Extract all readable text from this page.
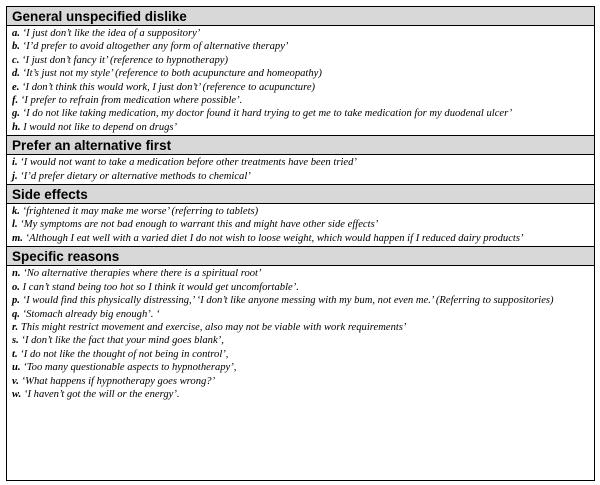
General unspecified dislike
a. ‘I just don’t like the idea of a suppository’
b. ‘I’d prefer to avoid altogether any form of alternative therapy’
c. ‘I just don’t fancy it’ (reference to hypnotherapy)
d. ‘It’s just not my style’ (reference to both acupuncture and homeopathy)
e. ‘I don’t think this would work, I just don’t’ (reference to acupuncture)
f. ‘I prefer to refrain from medication where possible’.
g. ‘I do not like taking medication, my doctor found it hard trying to get me to take medication for my duodenal ulcer’
h. I would not like to depend on drugs’
Prefer an alternative first
i. ‘I would not want to take a medication before other treatments have been tried’
j. ‘I’d prefer dietary or alternative methods to chemical’
Side effects
k. ‘frightened it may make me worse’ (referring to tablets)
l. ‘My symptoms are not bad enough to warrant this and might have other side effects’
m. ‘Although I eat well with a varied diet I do not wish to loose weight, which would happen if I reduced dairy products’
Specific reasons
n. ‘No alternative therapies where there is a spiritual root’
o. I can’t stand being too hot so I think it would get uncomfortable’.
p. ‘I would find this physically distressing,’ ‘I don’t like anyone messing with my bum, not even me.’ (Referring to suppositories)
q. ‘Stomach already big enough’. ‘
r. This might restrict movement and exercise, also may not be viable with work requirements’
s. ‘I don’t like the fact that your mind goes blank’,
t. ‘I do not like the thought of not being in control’,
u. ‘Too many questionable aspects to hypnotherapy’,
v. ‘What happens if hypnotherapy goes wrong?’
w. ‘I haven’t got the will or the energy’.
